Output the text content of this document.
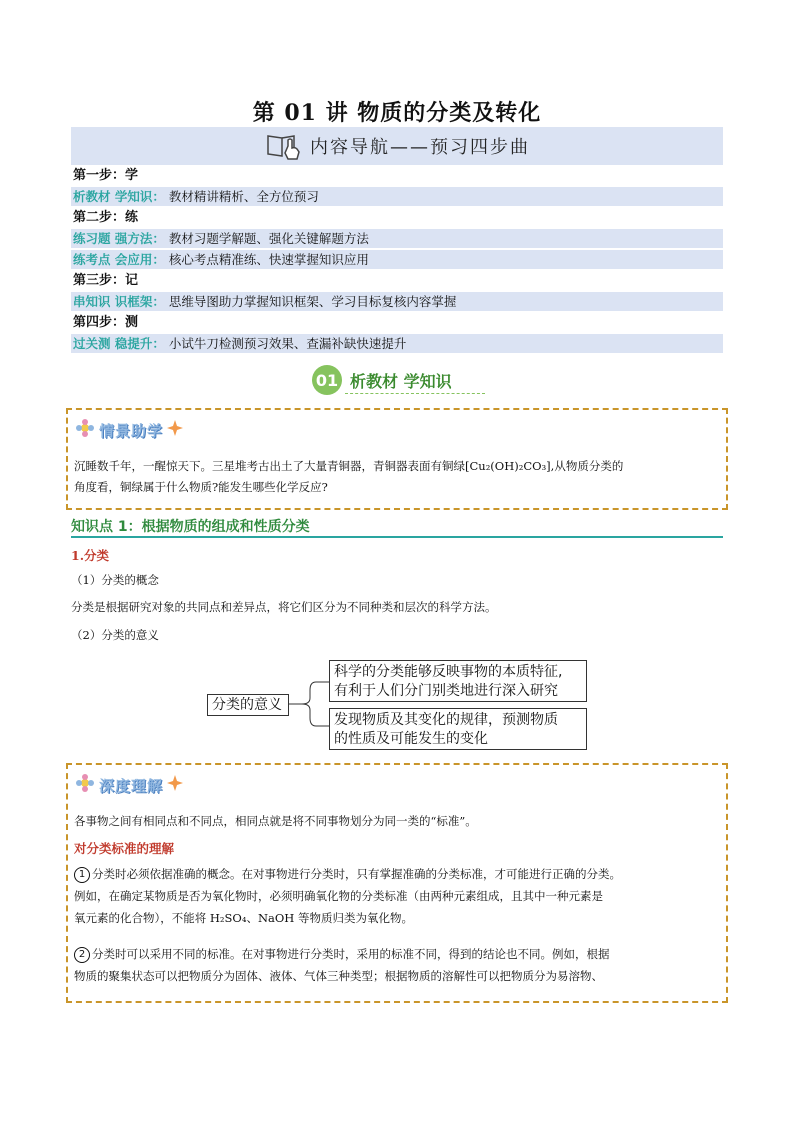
第 01 讲 物质的分类及转化
内容导航——预习四步曲
第一步：学
析教材 学知识： 教材精讲精析、全方位预习
第二步：练
练习题 强方法： 教材习题学解题、强化关键解题方法
练考点 会应用： 核心考点精准练、快速掌握知识应用
第三步：记
串知识 识框架： 思维导图助力掌握知识框架、学习目标复核内容掌握
第四步：测
过关测 稳提升： 小试牛刀检测预习效果、查漏补缺快速提升
01 析教材 学知识
情景助学
沉睡数千年，一醒惊天下。三星堆考古出土了大量青铜器，青铜器表面有铜绿[Cu₂(OH)₂CO₃],从物质分类的
角度看，铜绿属于什么物质?能发生哪些化学反应?
知识点 1：根据物质的组成和性质分类
1.分类
（1）分类的概念
分类是根据研究对象的共同点和差异点，将它们区分为不同种类和层次的科学方法。
（2）分类的意义
分类的意义
科学的分类能够反映事物的本质特征,
有利于人们分门别类地进行深入研究
发现物质及其变化的规律，预测物质
的性质及可能发生的变化
深度理解
各事物之间有相同点和不同点，相同点就是将不同事物划分为同一类的“标准”。
对分类标准的理解
1 分类时必须依据准确的概念。在对事物进行分类时，只有掌握准确的分类标准，才可能进行正确的分类。
例如，在确定某物质是否为氧化物时，必须明确氧化物的分类标准（由两种元素组成，且其中一种元素是
氧元素的化合物），不能将 H₂SO₄、NaOH 等物质归类为氧化物。
2 分类时可以采用不同的标准。在对事物进行分类时，采用的标准不同，得到的结论也不同。例如，根据
物质的聚集状态可以把物质分为固体、液体、气体三种类型；根据物质的溶解性可以把物质分为易溶物、
